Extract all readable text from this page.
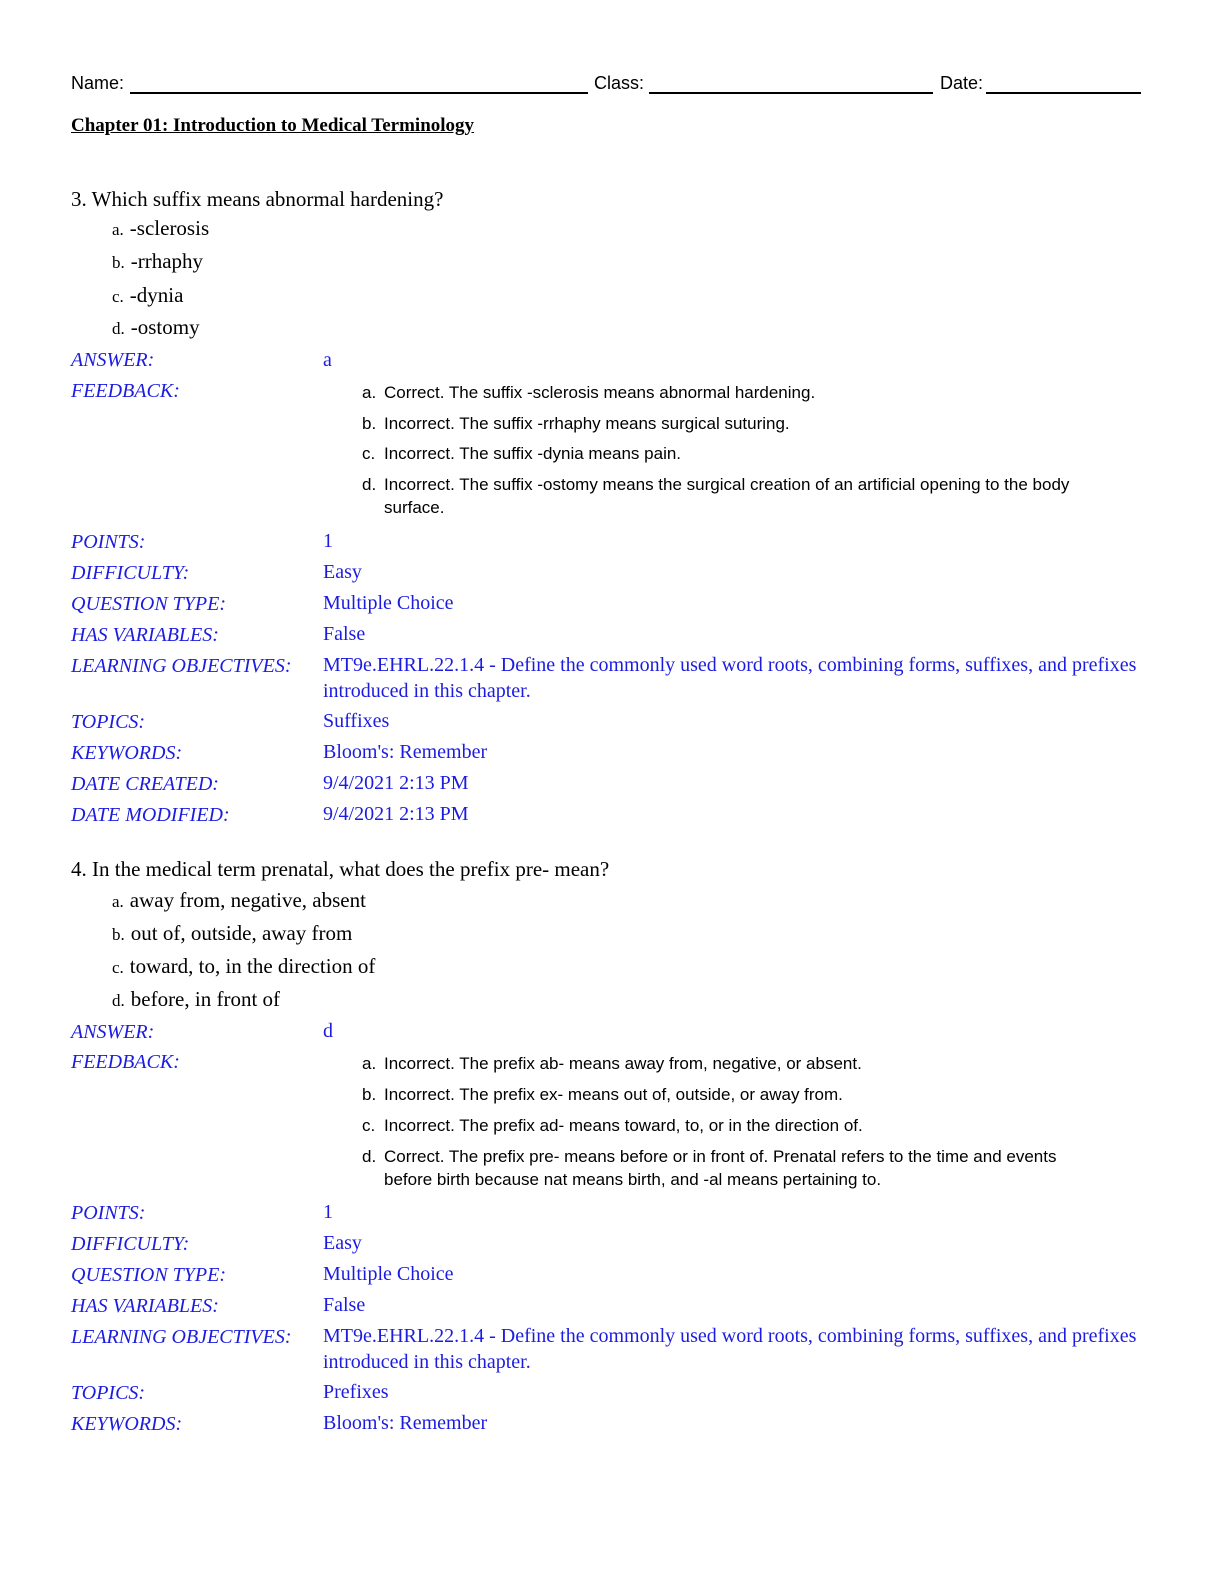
Name:	Class:	Date:
Chapter 01: Introduction to Medical Terminology
3. Which suffix means abnormal hardening?
a. -sclerosis
b. -rrhaphy
c. -dynia
d. -ostomy
ANSWER:	a
FEEDBACK:	a. Correct. The suffix -sclerosis means abnormal hardening.
b. Incorrect. The suffix -rrhaphy means surgical suturing.
c. Incorrect. The suffix -dynia means pain.
d. Incorrect. The suffix -ostomy means the surgical creation of an artificial opening to the body surface.
POINTS:	1
DIFFICULTY:	Easy
QUESTION TYPE:	Multiple Choice
HAS VARIABLES:	False
LEARNING OBJECTIVES: MT9e.EHRL.22.1.4 - Define the commonly used word roots, combining forms, suffixes, and prefixes introduced in this chapter.
TOPICS:	Suffixes
KEYWORDS:	Bloom's: Remember
DATE CREATED:	9/4/2021 2:13 PM
DATE MODIFIED:	9/4/2021 2:13 PM
4. In the medical term prenatal, what does the prefix pre- mean?
a. away from, negative, absent
b. out of, outside, away from
c. toward, to, in the direction of
d. before, in front of
ANSWER:	d
FEEDBACK:	a. Incorrect. The prefix ab- means away from, negative, or absent.
b. Incorrect. The prefix ex- means out of, outside, or away from.
c. Incorrect. The prefix ad- means toward, to, or in the direction of.
d. Correct. The prefix pre- means before or in front of. Prenatal refers to the time and events before birth because nat means birth, and -al means pertaining to.
POINTS:	1
DIFFICULTY:	Easy
QUESTION TYPE:	Multiple Choice
HAS VARIABLES:	False
LEARNING OBJECTIVES: MT9e.EHRL.22.1.4 - Define the commonly used word roots, combining forms, suffixes, and prefixes introduced in this chapter.
TOPICS:	Prefixes
KEYWORDS:	Bloom's: Remember
